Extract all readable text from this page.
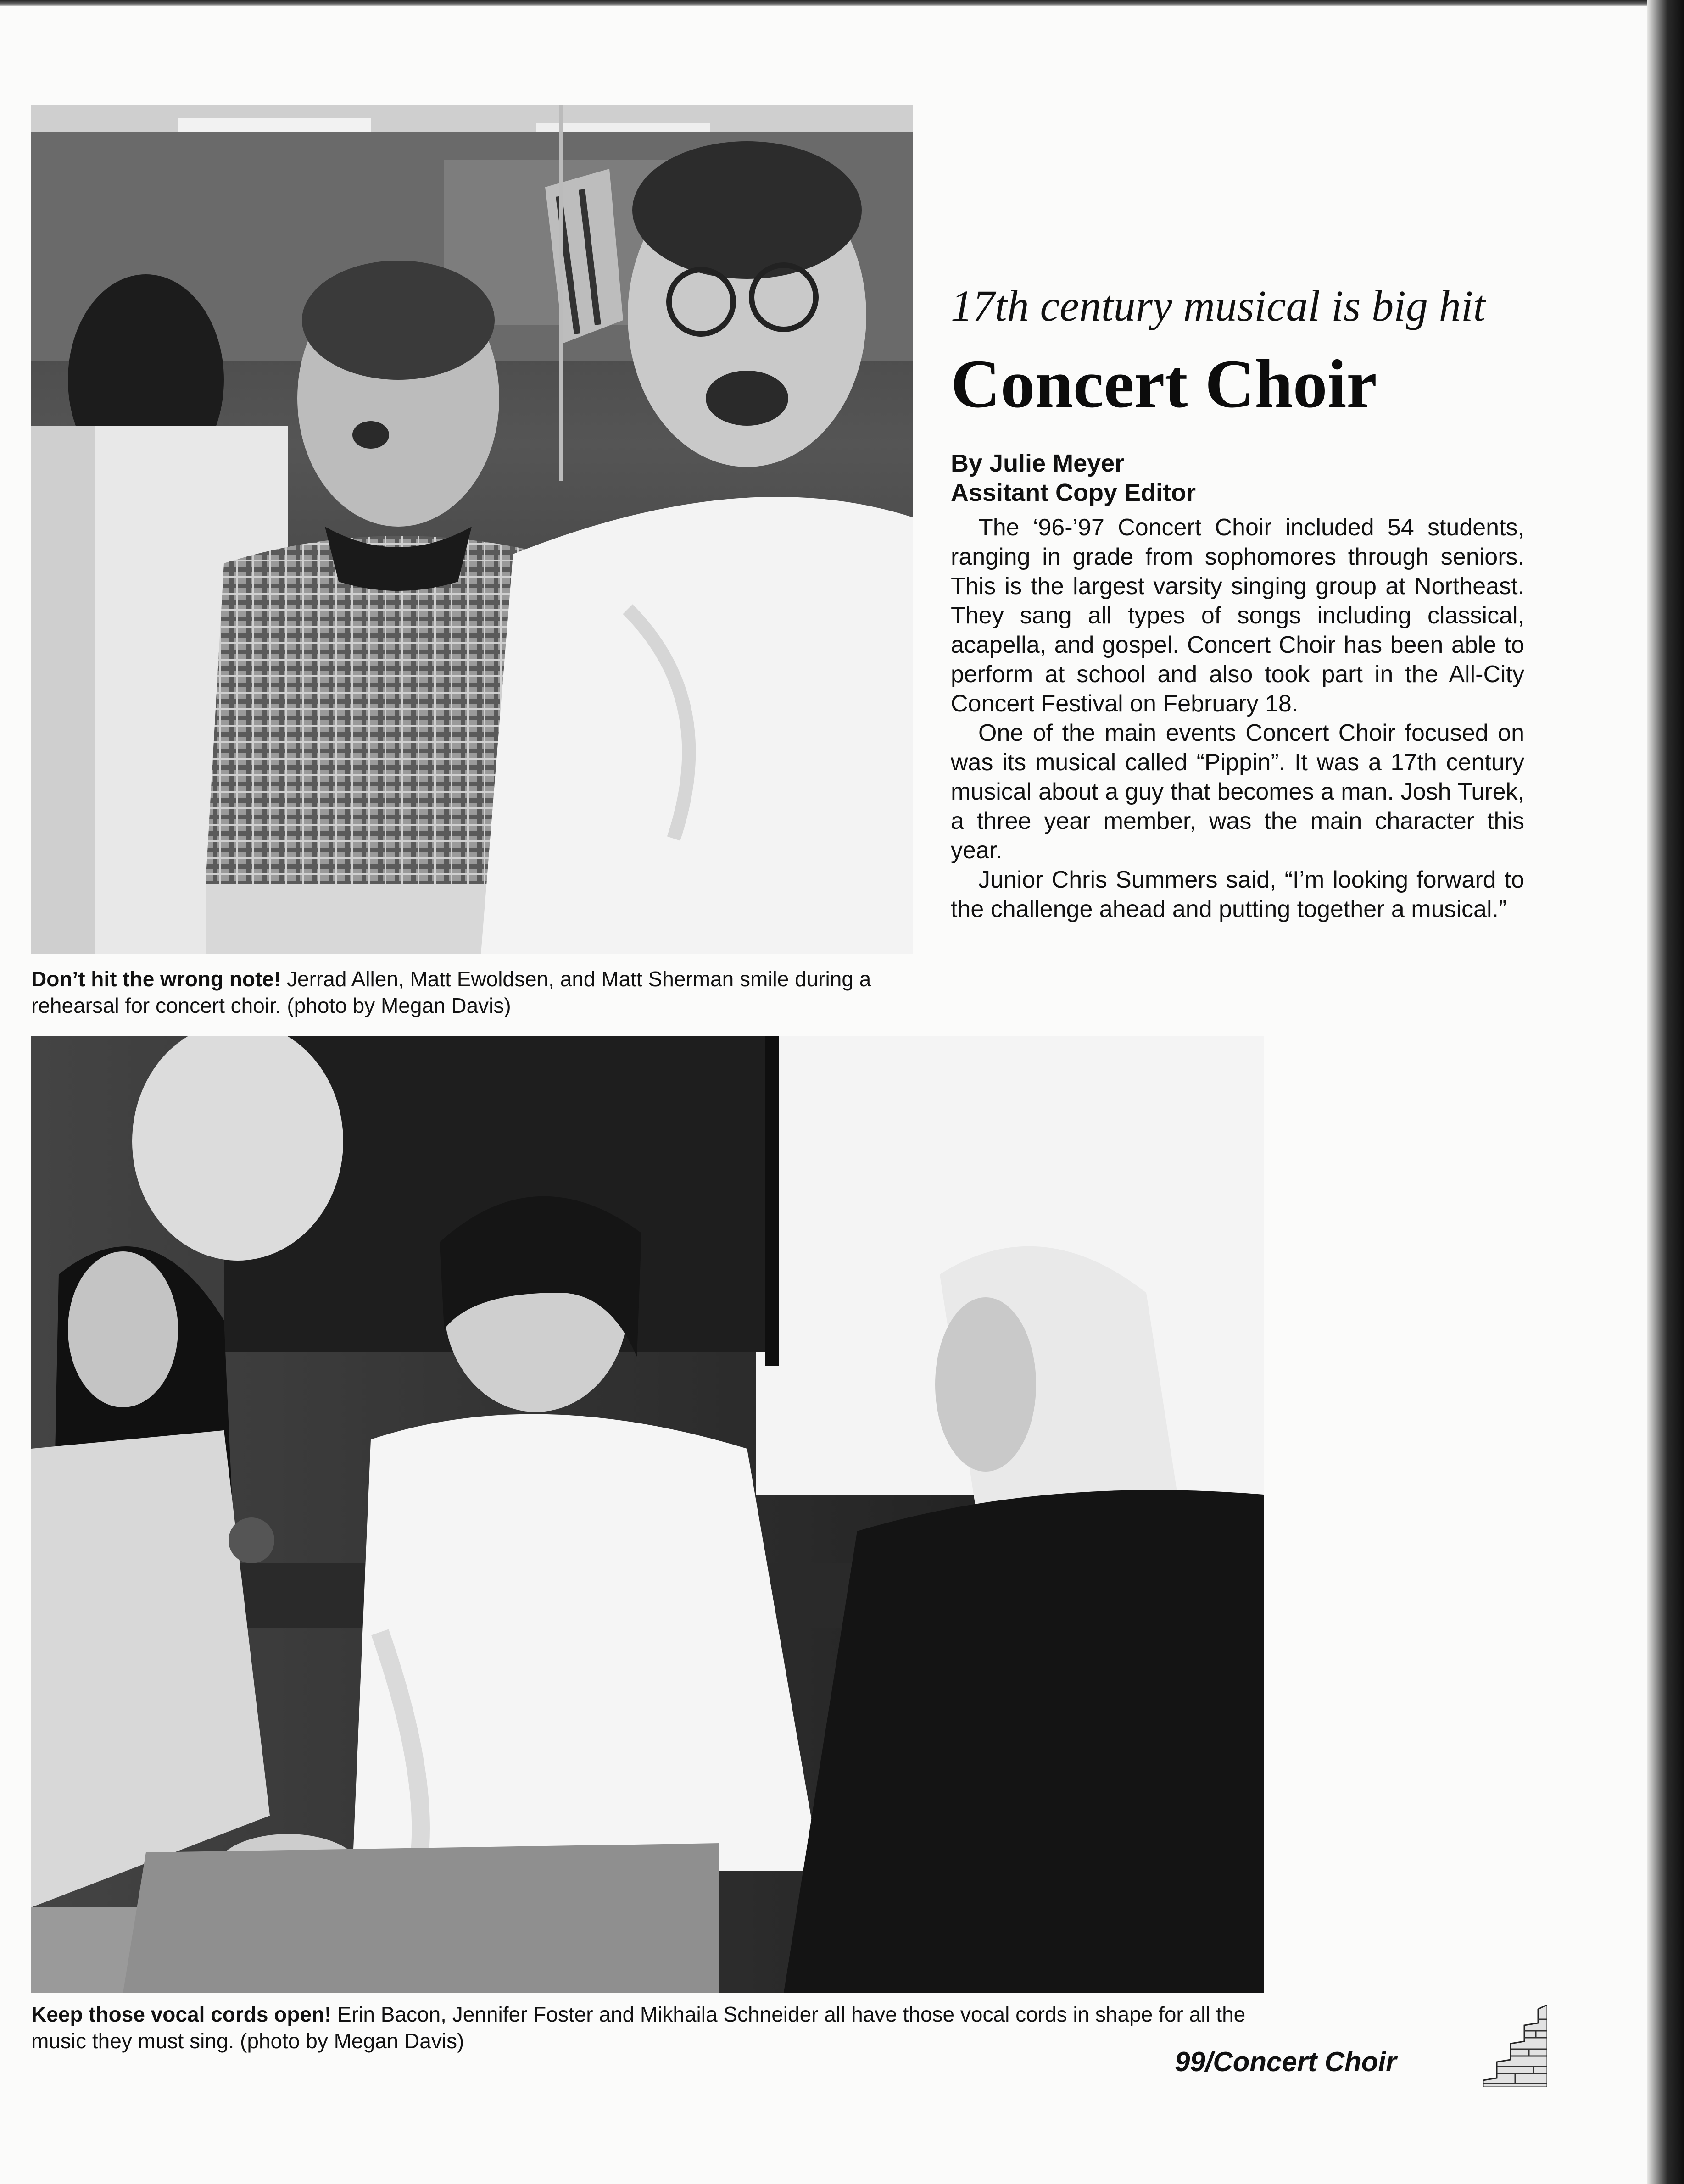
Don’t hit the wrong note! Jerrad Allen, Matt Ewoldsen, and Matt Sherman smile during a rehearsal for concert choir. (photo by Megan Davis)
17th century musical is big hit
Concert Choir
By Julie Meyer
Assitant Copy Editor

The ‘96-’97 Concert Choir included 54 students, ranging in grade from sophomores through seniors. This is the largest varsity singing group at Northeast. They sang all types of songs including classical, acapella, and gospel. Concert Choir has been able to perform at school and also took part in the All-City Concert Festival on February 18.

One of the main events Concert Choir focused on was its musical called “Pippin”. It was a 17th century musical about a guy that becomes a man. Josh Turek, a three year member, was the main character this year.

Junior Chris Summers said, “I’m looking forward to the challenge ahead and putting together a musical.”

Keep those vocal cords open! Erin Bacon, Jennifer Foster and Mikhaila Schneider all have those vocal cords in shape for all the music they must sing. (photo by Megan Davis)
99/Concert Choir
